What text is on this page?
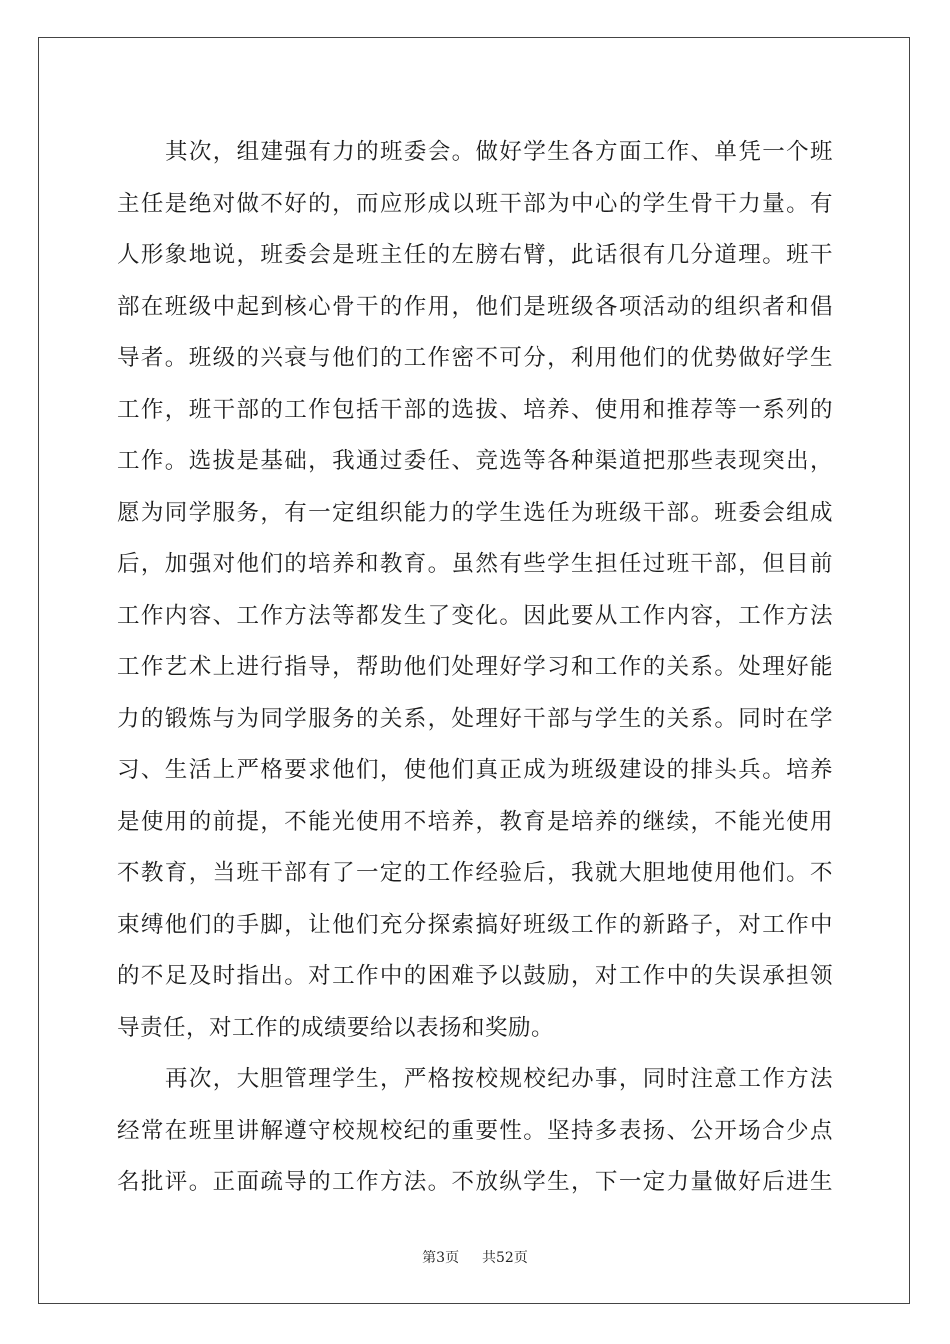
其次，组建强有力的班委会。做好学生各方面工作、单凭一个班
主任是绝对做不好的，而应形成以班干部为中心的学生骨干力量。有
人形象地说，班委会是班主任的左膀右臂，此话很有几分道理。班干
部在班级中起到核心骨干的作用，他们是班级各项活动的组织者和倡
导者。班级的兴衰与他们的工作密不可分，利用他们的优势做好学生
工作，班干部的工作包括干部的选拔、培养、使用和推荐等一系列的
工作。选拔是基础，我通过委任、竞选等各种渠道把那些表现突出，
愿为同学服务，有一定组织能力的学生选任为班级干部。班委会组成
后，加强对他们的培养和教育。虽然有些学生担任过班干部，但目前
工作内容、工作方法等都发生了变化。因此要从工作内容，工作方法
工作艺术上进行指导，帮助他们处理好学习和工作的关系。处理好能
力的锻炼与为同学服务的关系，处理好干部与学生的关系。同时在学
习、生活上严格要求他们，使他们真正成为班级建设的排头兵。培养
是使用的前提，不能光使用不培养，教育是培养的继续，不能光使用
不教育，当班干部有了一定的工作经验后，我就大胆地使用他们。不
束缚他们的手脚，让他们充分探索搞好班级工作的新路子，对工作中
的不足及时指出。对工作中的困难予以鼓励，对工作中的失误承担领
导责任，对工作的成绩要给以表扬和奖励。
再次，大胆管理学生，严格按校规校纪办事，同时注意工作方法
经常在班里讲解遵守校规校纪的重要性。坚持多表扬、公开场合少点
名批评。正面疏导的工作方法。不放纵学生，下一定力量做好后进生
第3页 共52页
